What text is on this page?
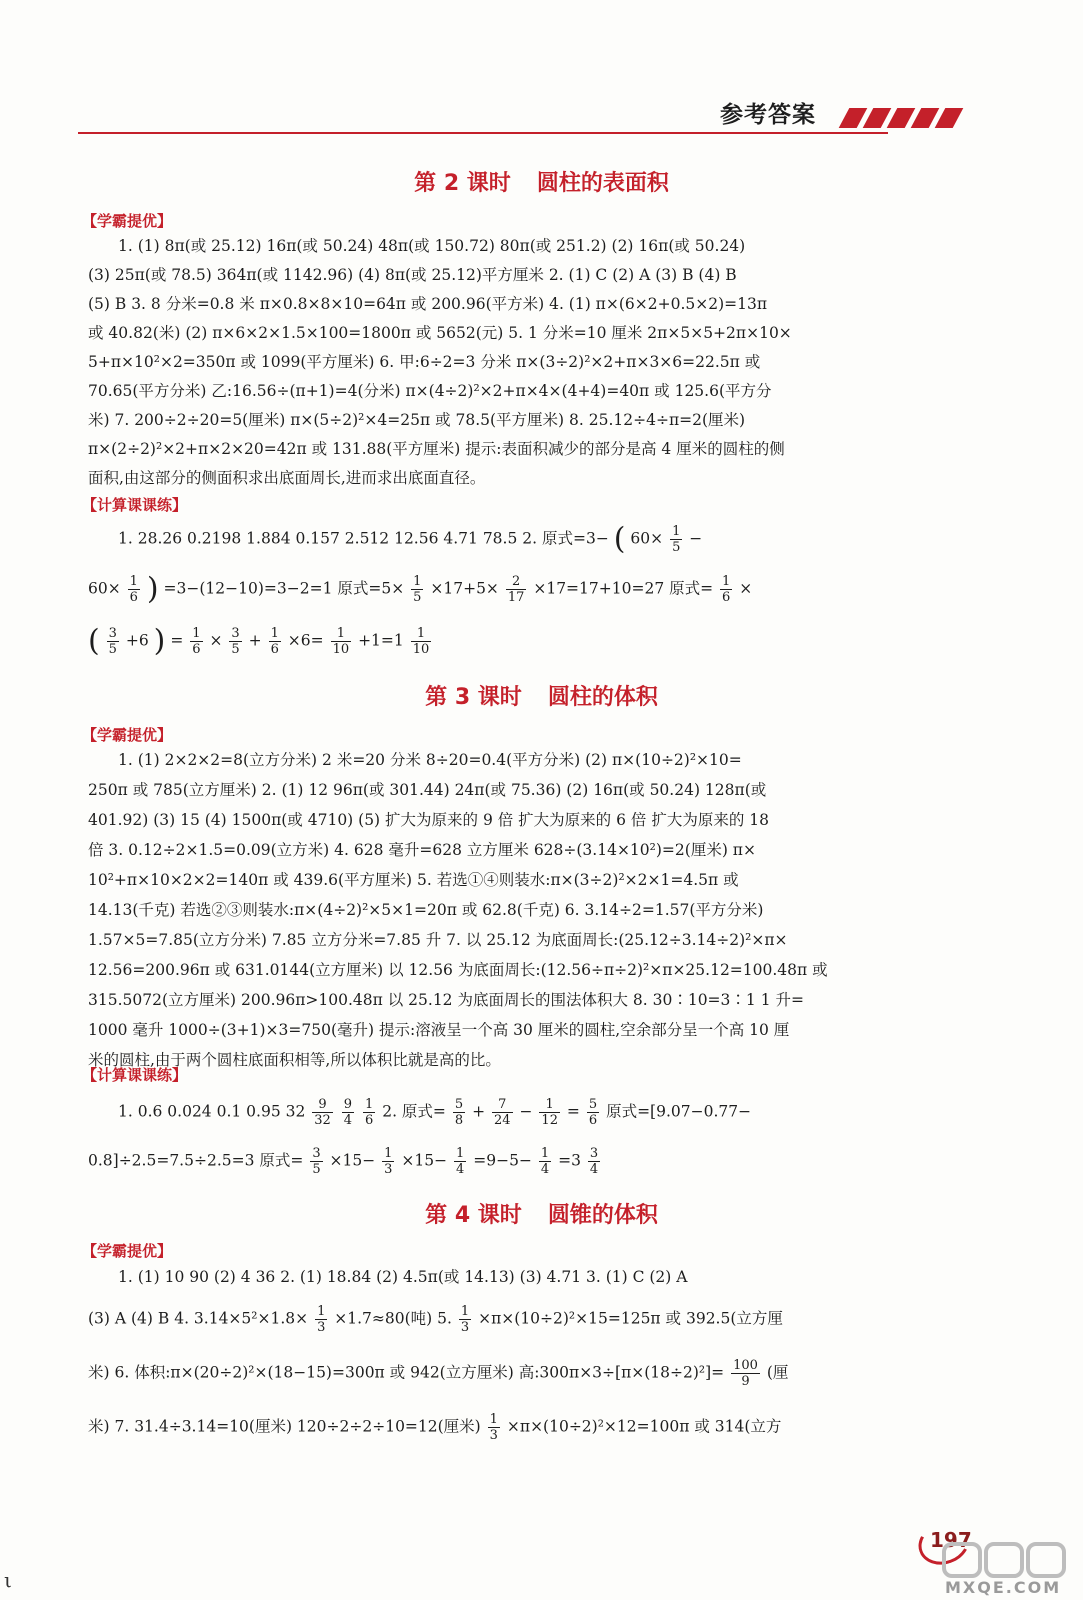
参考答案
第 2 课时 圆柱的表面积
【学霸提优】
1. (1) 8π(或 25.12) 16π(或 50.24) 48π(或 150.72) 80π(或 251.2) (2) 16π(或 50.24)
(3) 25π(或 78.5) 364π(或 1142.96) (4) 8π(或 25.12)平方厘米 2. (1) C (2) A (3) B (4) B
(5) B 3. 8 分米=0.8 米 π×0.8×8×10=64π 或 200.96(平方米) 4. (1) π×(6×2+0.5×2)=13π
或 40.82(米) (2) π×6×2×1.5×100=1800π 或 5652(元) 5. 1 分米=10 厘米 2π×5×5+2π×10×
5+π×10²×2=350π 或 1099(平方厘米) 6. 甲:6÷2=3 分米 π×(3÷2)²×2+π×3×6=22.5π 或
70.65(平方分米) 乙:16.56÷(π+1)=4(分米) π×(4÷2)²×2+π×4×(4+4)=40π 或 125.6(平方分
米) 7. 200÷2÷20=5(厘米) π×(5÷2)²×4=25π 或 78.5(平方厘米) 8. 25.12÷4÷π=2(厘米)
π×(2÷2)²×2+π×2×20=42π 或 131.88(平方厘米) 提示:表面积减少的部分是高 4 厘米的圆柱的侧
面积,由这部分的侧面积求出底面周长,进而求出底面直径。
【计算课课练】
1. 28.26 0.2198 1.884 0.157 2.512 12.56 4.71 78.5 2. 原式=3− ( $60\times \frac{1}{5}$ −
$60\times \frac{1}{6}$ ) =3−(12−10)=3−2=1 原式$=5\times \frac{1}{5} \times 17+5\times \frac{2}{17} \times 17=17+10=27$ 原式= $\frac{1}{6}$ ×
( $\frac{3}{5} +6$ ) = $\frac{1}{6} \times \frac{3}{5} + \frac{1}{6} \times 6= \frac{1}{10} +1=1 \frac{1}{10}$
第 3 课时 圆柱的体积
【学霸提优】
1. (1) 2×2×2=8(立方分米) 2 米=20 分米 8÷20=0.4(平方分米) (2) π×(10÷2)²×10=
250π 或 785(立方厘米) 2. (1) 12 96π(或 301.44) 24π(或 75.36) (2) 16π(或 50.24) 128π(或
401.92) (3) 15 (4) 1500π(或 4710) (5) 扩大为原来的 9 倍 扩大为原来的 6 倍 扩大为原来的 18
倍 3. 0.12÷2×1.5=0.09(立方米) 4. 628 毫升=628 立方厘米 628÷(3.14×10²)=2(厘米) π×
10²+π×10×2×2=140π 或 439.6(平方厘米) 5. 若选①④则装水:π×(3÷2)²×2×1=4.5π 或
14.13(千克) 若选②③则装水:π×(4÷2)²×5×1=20π 或 62.8(千克) 6. 3.14÷2=1.57(平方分米)
1.57×5=7.85(立方分米) 7.85 立方分米=7.85 升 7. 以 25.12 为底面周长:(25.12÷3.14÷2)²×π×
12.56=200.96π 或 631.0144(立方厘米) 以 12.56 为底面周长:(12.56÷π÷2)²×π×25.12=100.48π 或
315.5072(立方厘米) 200.96π>100.48π 以 25.12 为底面周长的围法体积大 8. 30∶10=3∶1 1 升=
1000 毫升 1000÷(3+1)×3=750(毫升) 提示:溶液呈一个高 30 厘米的圆柱,空余部分呈一个高 10 厘
米的圆柱,由于两个圆柱底面积相等,所以体积比就是高的比。
【计算课课练】
1. 0.6 0.024 0.1 0.95 $32 \frac{9}{32}$
$\frac{9}{4}$
$\frac{1}{6} 2$. 原式= $\frac{5}{8} + \frac{7}{24} - \frac{1}{12} = \frac{5}{6}$ 原式=[9.07−0.77−
0.8]÷2.5=7.5÷2.5=3 原式= $\frac{3}{5} \times 15- \frac{1}{3} \times 15- \frac{1}{4} =9-5- \frac{1}{4} =3 \frac{3}{4}$
第 4 课时 圆锥的体积
【学霸提优】
1. (1) 10 90 (2) 4 36 2. (1) 18.84 (2) 4.5π(或 14.13) (3) 4.71 3. (1) C (2) A
(3) A (4) B 4. $3.14\times 5^2\times 1.8\times \frac{1}{3} \times 1.7\approx 80$(吨) 5. $\frac{1}{3} \times\pi\times(10\div 2)^2\times 15=125\pi$ 或 392.5(立方厘
米) 6. 体积:π×(20÷2)²×(18−15)=300π 或 942(立方厘米) 高:300π×3÷[π×(18÷2)²]= $\frac{100}{9}$ (厘
米) 7. 31.4÷3.14=10(厘米) 120÷2÷2÷10=12(厘米) $\frac{1}{3} \times\pi\times(10\div 2)^2\times 12=100\pi$ 或 314(立方
197
MXQE.COM
ι
